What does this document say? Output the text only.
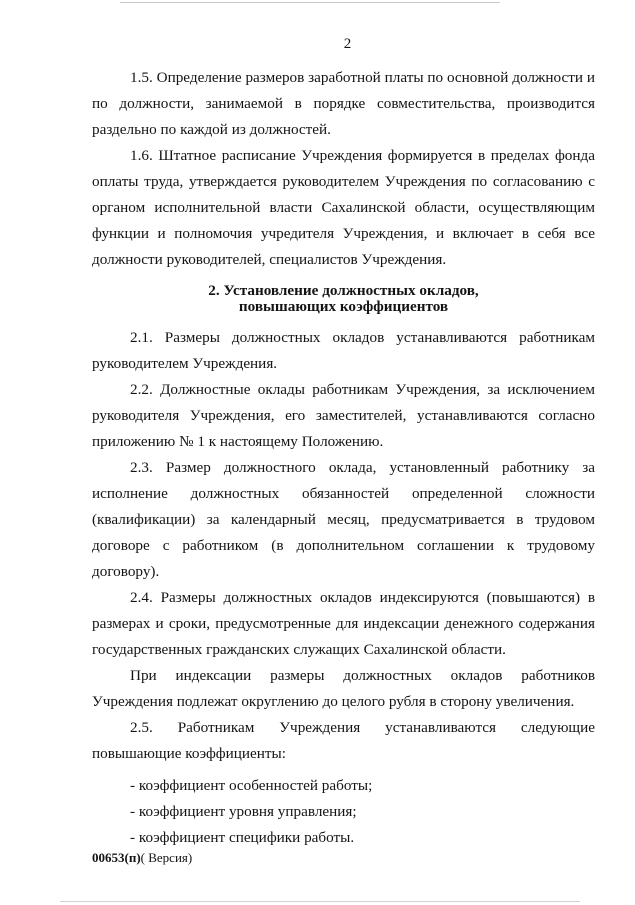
2

1.5. Определение размеров заработной платы по основной должности и по должности, занимаемой в порядке совместительства, производится раздельно по каждой из должностей.

1.6. Штатное расписание Учреждения формируется в пределах фонда оплаты труда, утверждается руководителем Учреждения по согласованию с органом исполнительной власти Сахалинской области, осуществляющим функции и полномочия учредителя Учреждения, и включает в себя все должности руководителей, специалистов Учреждения.

2. Установление должностных окладов,
повышающих коэффициентов

2.1. Размеры должностных окладов устанавливаются работникам руководителем Учреждения.

2.2. Должностные оклады работникам Учреждения, за исключением руководителя Учреждения, его заместителей, устанавливаются согласно приложению № 1 к настоящему Положению.

2.3. Размер должностного оклада, установленный работнику за исполнение должностных обязанностей определенной сложности (квалификации) за календарный месяц, предусматривается в трудовом договоре с работником (в дополнительном соглашении к трудовому договору).

2.4. Размеры должностных окладов индексируются (повышаются) в размерах и сроки, предусмотренные для индексации денежного содержания государственных гражданских служащих Сахалинской области.

При индексации размеры должностных окладов работников Учреждения подлежат округлению до целого рубля в сторону увеличения.

2.5. Работникам Учреждения устанавливаются следующие повышающие коэффициенты:

- коэффициент особенностей работы;
- коэффициент уровня управления;
- коэффициент специфики работы.
00653(п)( Версия)
